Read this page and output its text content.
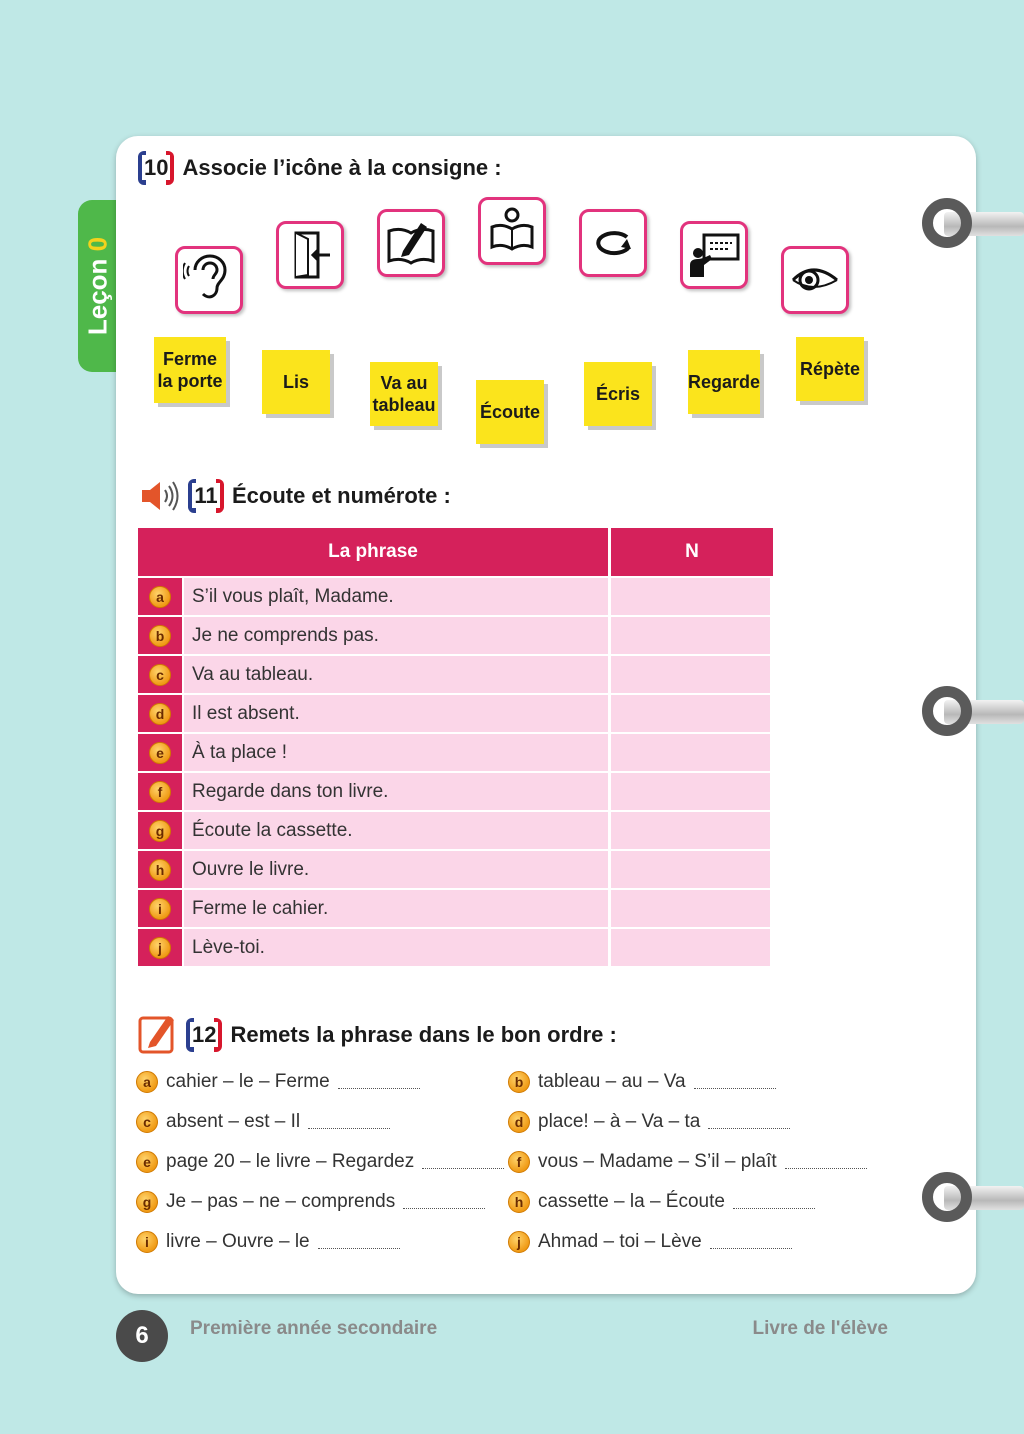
Leçon 0
10 Associe l’icône à la consigne :
Ferme
la porte	Lis	Va au
tableau Écoute
Écris
Regarde
Répète
11 Écoute et numérote :
La phrase	N
a	S’il vous plaît, Madame.
b	Je ne comprends pas.
c	Va au tableau.
d	Il est absent.
e	À ta place !
f	Regarde dans ton livre.
g	Écoute la cassette.
h	Ouvre le livre.
i	Ferme le cahier.
j	Lève-toi.
12 Remets la phrase dans le bon ordre :
a cahier – le – Ferme	b tableau – au – Va
c absent – est – Il	d place! – à – Va – ta
e page 20 – le livre – Regardez	f vous – Madame – S’il – plaît
g Je – pas – ne – comprends	h cassette – la – Écoute
i livre – Ouvre – le	j Ahmad – toi – Lève
6	Première année secondaire	Livre de l'élève
